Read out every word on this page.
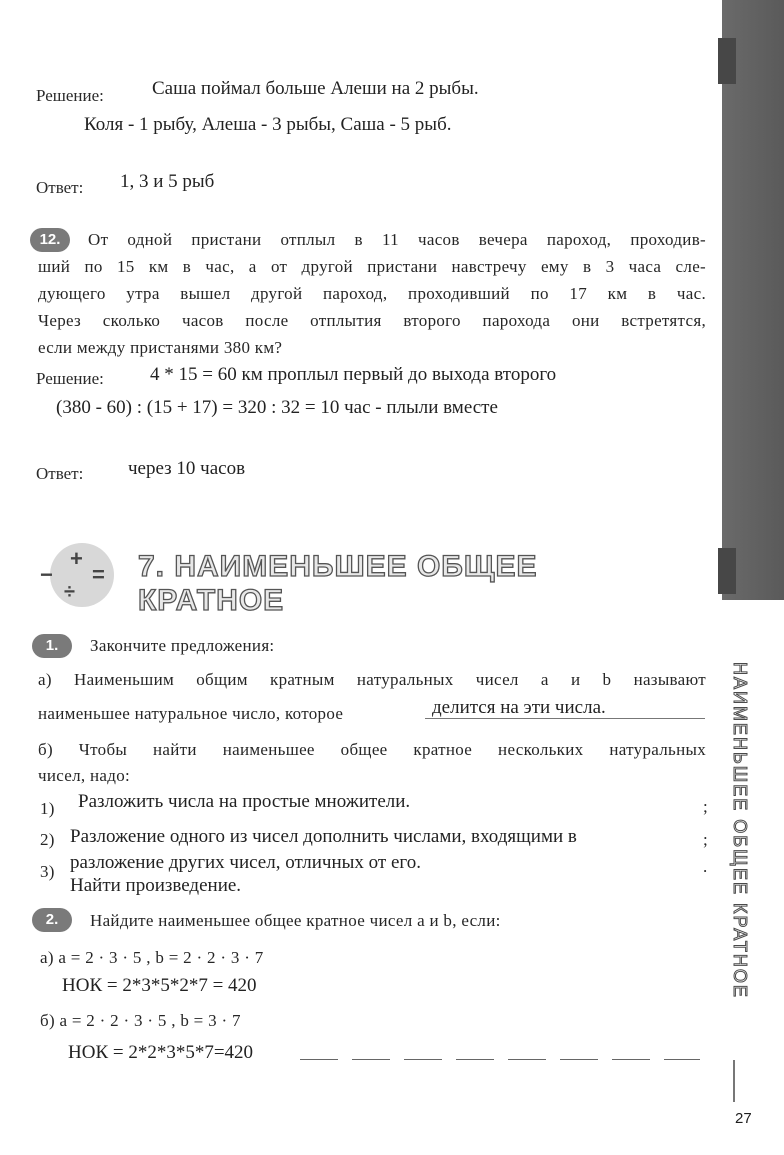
НАИМЕНЬШЕЕ ОБЩЕЕ КРАТНОЕ
Решение:	Саша поймал больше Алеши на 2 рыбы.
Коля - 1 рыбу, Алеша - 3 рыбы, Саша - 5 рыб.
Ответ: 1, 3 и 5 рыб
12.	От одной пристани отплыл в 11 часов вечера пароход, проходив-
ший по 15 км в час, а от другой пристани навстречу ему в 3 часа сле-
дующего утра вышел другой пароход, проходивший по 17 км в час.
Через сколько часов после отплытия второго парохода они встретятся,
если между пристанями 380 км?
Решение: 4 * 15 = 60 км проплыл первый до выхода второго
(380 - 60) : (15 + 17) = 320 : 32 = 10 час - плыли вместе
Ответ: через 10 часов
+
=
−
÷
7. НАИМЕНЬШЕЕ ОБЩЕЕ
КРАТНОЕ
1.	Закончите предложения:
а) Наименьшим общим кратным натуральных чисел a и b называют
наименьшее натуральное число, которое	делится на эти числа.
б) Чтобы найти наименьшее общее кратное нескольких натуральных
чисел, надо:
1) Разложить числа на простые множители.	;
2) Разложение одного из чисел дополнить числами, входящими в	;
3) разложение других чисел, отличных от его.	.
Найти произведение.
2.	Найдите наименьшее общее кратное чисел a и b, если:
а) a = 2 · 3 · 5 , b = 2 · 2 · 3 · 7
НОК = 2*3*5*2*7 = 420
б) a = 2 · 2 · 3 · 5 , b = 3 · 7
НОК = 2*2*3*5*7=420
27
